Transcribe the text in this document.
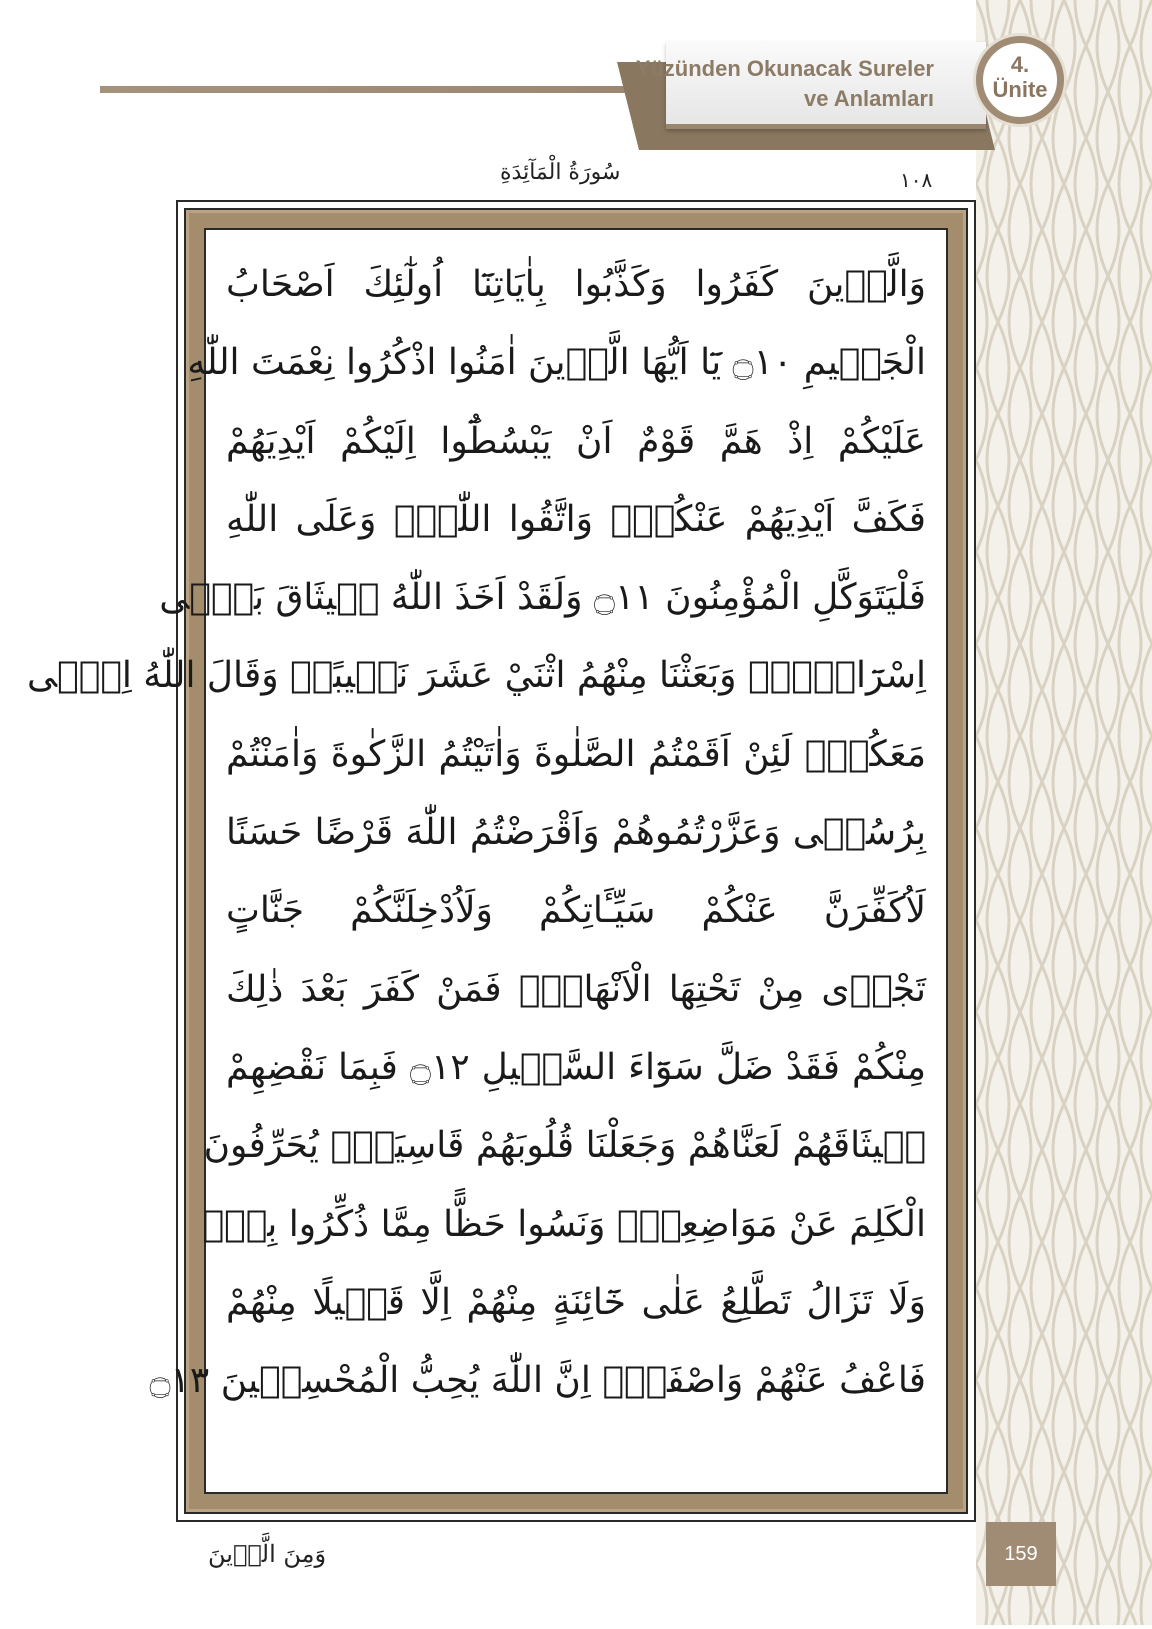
Yüzünden Okunacak Sureler

ve Anlamları

4.
Ünite
سُورَةُ الْمَآئِدَةِ	١٠٨
وَالَّذٖينَ كَفَرُوا وَكَذَّبُوا بِاٰيَاتِنَٓا اُولٰٓئِكَ اَصْحَابُ
الْجَحٖيمِ ۝١٠ يَٓا اَيُّهَا الَّذٖينَ اٰمَنُوا اذْكُرُوا نِعْمَتَ اللّٰهِ
عَلَيْكُمْ اِذْ هَمَّ قَوْمٌ اَنْ يَبْسُطُٓوا اِلَيْكُمْ اَيْدِيَهُمْ
فَكَفَّ اَيْدِيَهُمْ عَنْكُمْۚ وَاتَّقُوا اللّٰهَۜ وَعَلَى اللّٰهِ
فَلْيَتَوَكَّلِ الْمُؤْمِنُونَ ۝١١ وَلَقَدْ اَخَذَ اللّٰهُ مٖيثَاقَ بَنٖٓى
اِسْرَٓائٖلَۚ وَبَعَثْنَا مِنْهُمُ اثْنَيْ عَشَرَ نَقٖيبًاۜ وَقَالَ اللّٰهُ اِنّٖى
مَعَكُمْۜ لَئِنْ اَقَمْتُمُ الصَّلٰوةَ وَاٰتَيْتُمُ الزَّكٰوةَ وَاٰمَنْتُمْ
بِرُسُلٖى وَعَزَّرْتُمُوهُمْ وَاَقْرَضْتُمُ اللّٰهَ قَرْضًا حَسَنًا
لَاُكَفِّرَنَّ عَنْكُمْ سَيِّـَٔاتِكُمْ وَلَاُدْخِلَنَّكُمْ جَنَّاتٍ
تَجْرٖى مِنْ تَحْتِهَا الْاَنْهَارُۚ فَمَنْ كَفَرَ بَعْدَ ذٰلِكَ
مِنْكُمْ فَقَدْ ضَلَّ سَوَٓاءَ السَّبٖيلِ ۝١٢ فَبِمَا نَقْضِهِمْ
مٖيثَاقَهُمْ لَعَنَّاهُمْ وَجَعَلْنَا قُلُوبَهُمْ قَاسِيَةًۚ يُحَرِّفُونَ
الْكَلِمَ عَنْ مَوَاضِعِهٖۙ وَنَسُوا حَظًّا مِمَّا ذُكِّرُوا بِهٖۚ
وَلَا تَزَالُ تَطَّلِعُ عَلٰى خَٓائِنَةٍ مِنْهُمْ اِلَّا قَلٖيلًا مِنْهُمْ
فَاعْفُ عَنْهُمْ وَاصْفَحْۜ اِنَّ اللّٰهَ يُحِبُّ الْمُحْسِنٖينَ ۝١٣
وَمِنَ الَّذٖينَ	159
